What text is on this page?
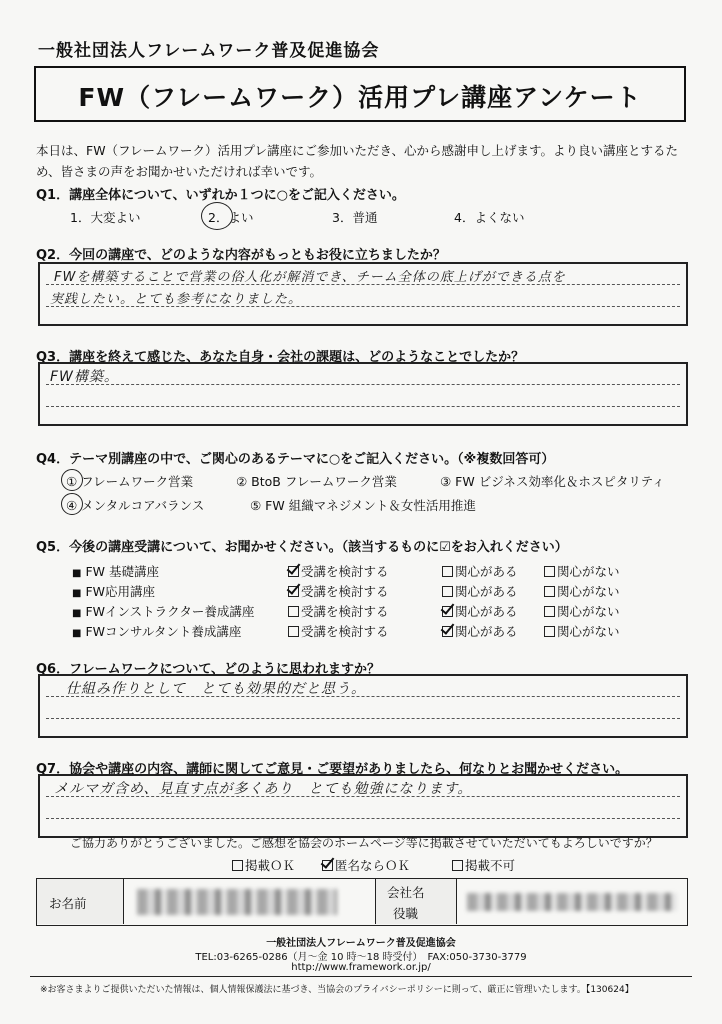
一般社団法人フレームワーク普及促進協会
FW（フレームワーク）活用プレ講座アンケート
本日は、FW（フレームワーク）活用プレ講座にご参加いただき、心から感謝申し上げます。より良い講座とするため、皆さまの声をお聞かせいただければ幸いです。
Q1．講座全体について、いずれか１つに○をご記入ください。
1．大変よい	2．よい	3．普通	4．よくない
Q2．今回の講座で、どのような内容がもっともお役に立ちましたか？
FWを構築することで営業の俗人化が解消でき、チーム全体の底上げができる点を
実践したい。とても参考になりました。
Q3．講座を終えて感じた、あなた自身・会社の課題は、どのようなことでしたか？
FW構築。
Q4．テーマ別講座の中で、ご関心のあるテーマに○をご記入ください。（※複数回答可）
① フレームワーク営業	② BtoB フレームワーク営業	③ FW ビジネス効率化＆ホスピタリティ
④ メンタルコアバランス	⑤ FW 組織マネジメント＆女性活用推進
Q5．今後の講座受講について、お聞かせください。（該当するものに☑をお入れください）
■ FW 基礎講座	受講を検討する	関心がある	関心がない
■ FW応用講座	受講を検討する	関心がある	関心がない
■ FWインストラクター養成講座	受講を検討する	関心がある	関心がない
■ FWコンサルタント養成講座	受講を検討する	関心がある	関心がない
Q6．フレームワークについて、どのように思われますか？
仕組み作りとして　とても効果的だと思う。
Q7．協会や講座の内容、講師に関してご意見・ご要望がありましたら、何なりとお聞かせください。
メルマガ含め、見直す点が多くあり　とても勉強になります。
ご協力ありがとうございました。ご感想を協会のホームページ等に掲載させていただいてもよろしいですか？
掲載ＯＫ	匿名ならＯＫ	掲載不可
お名前
会社名
役職
一般社団法人フレームワーク普及促進協会
TEL:03-6265-0286（月〜金 10 時〜18 時受付）　FAX:050-3730-3779
http://www.framework.or.jp/
※お客さまよりご提供いただいた情報は、個人情報保護法に基づき、当協会のプライバシーポリシーに則って、厳正に管理いたします。【130624】
